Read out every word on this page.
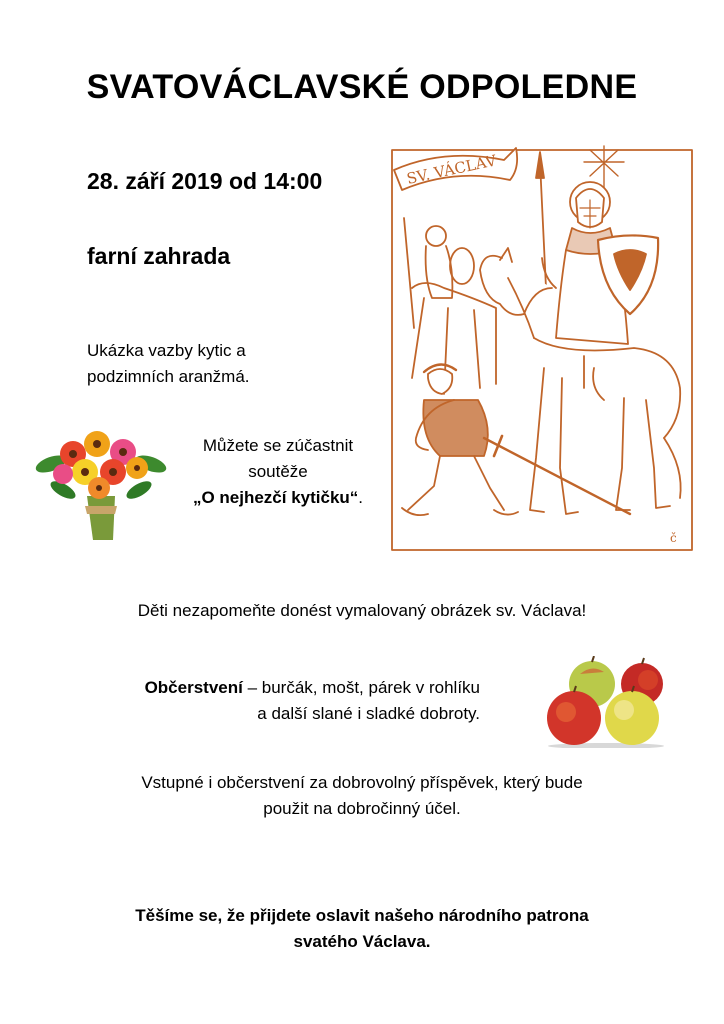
SVATOVÁCLAVSKÉ ODPOLEDNE
28. září 2019 od 14:00
farní zahrada
Ukázka vazby kytic a
podzimních aranžmá.
Můžete se zúčastnit
soutěže
„O nejhezčí kytičku“.
SV. VÁCLAV
č
Děti nezapomeňte donést vymalovaný obrázek sv. Václava!
Občerstvení – burčák, mošt, párek v rohlíku
a další slané i sladké dobroty.
Vstupné i občerstvení za dobrovolný příspěvek, který bude
použit na dobročinný účel.
Těšíme se, že přijdete oslavit našeho národního patrona
svatého Václava.
